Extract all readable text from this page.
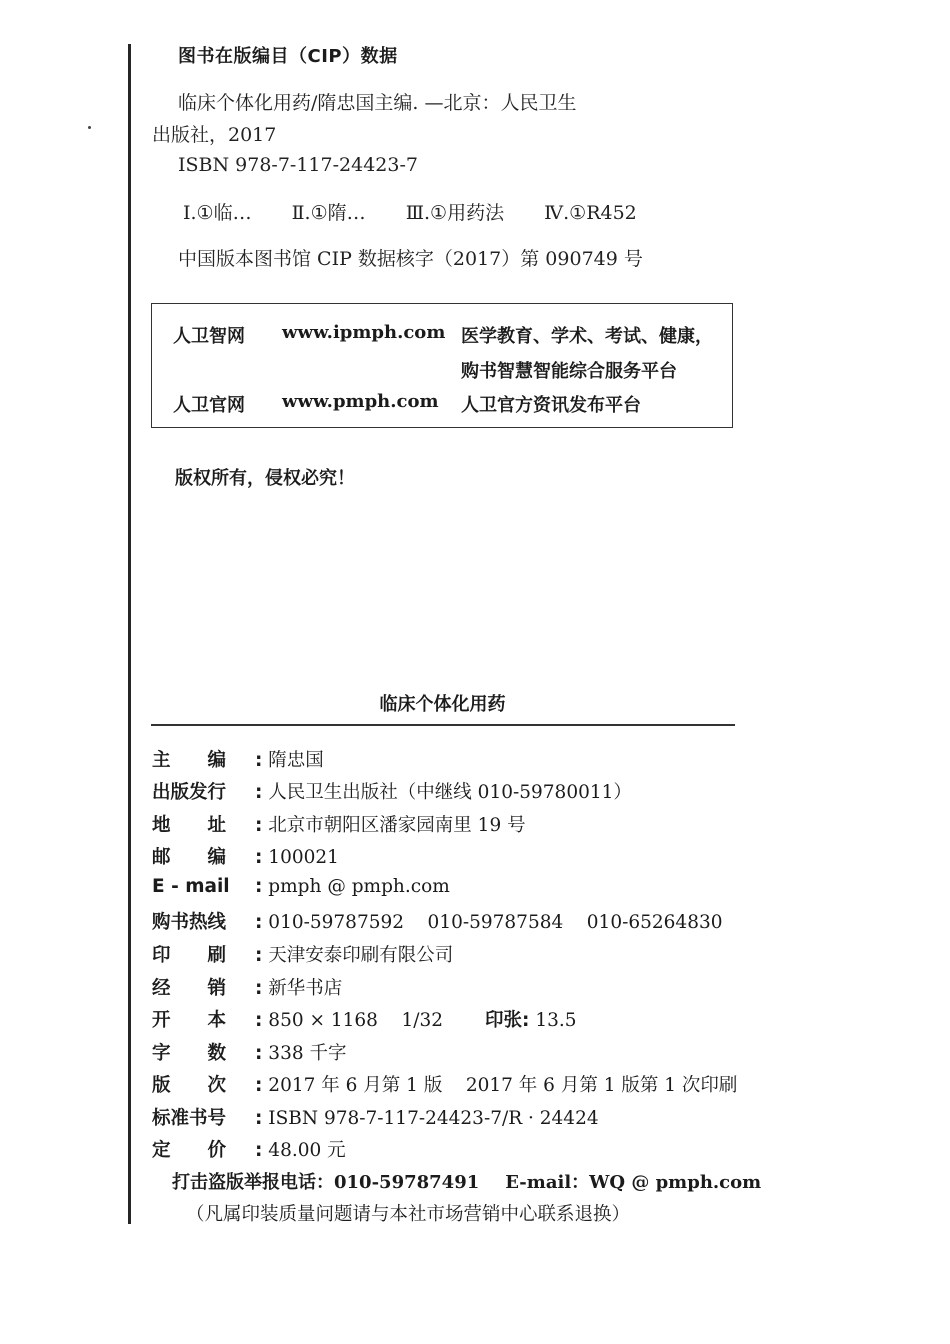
图书在版编目（CIP）数据
临床个体化用药/隋忠国主编. —北京：人民卫生
出版社，2017
ISBN 978-7-117-24423-7
Ⅰ.①临… Ⅱ.①隋… Ⅲ.①用药法 Ⅳ.①R452
中国版本图书馆 CIP 数据核字（2017）第 090749 号
人卫智网 www.ipmph.com 医学教育、学术、考试、健康，
购书智慧智能综合服务平台
人卫官网 www.pmph.com 人卫官方资讯发布平台
版权所有，侵权必究！
临床个体化用药
主　　编 : 隋忠国
出版发行 : 人民卫生出版社（中继线 010-59780011）
地　　址 : 北京市朝阳区潘家园南里 19 号
邮　　编 : 100021
E - mail : pmph @ pmph.com
购书热线 : 010-59787592    010-59787584    010-65264830
印　　刷 : 天津安泰印刷有限公司
经　　销 : 新华书店
开　　本 : 850 × 1168    1/32 印张: 13.5
字　　数 : 338 千字
版　　次 : 2017 年 6 月第 1 版    2017 年 6 月第 1 版第 1 次印刷
标准书号 : ISBN 978-7-117-24423-7/R · 24424
定　　价 : 48.00 元
打击盗版举报电话：010-59787491 E-mail：WQ @ pmph.com
（凡属印装质量问题请与本社市场营销中心联系退换）
